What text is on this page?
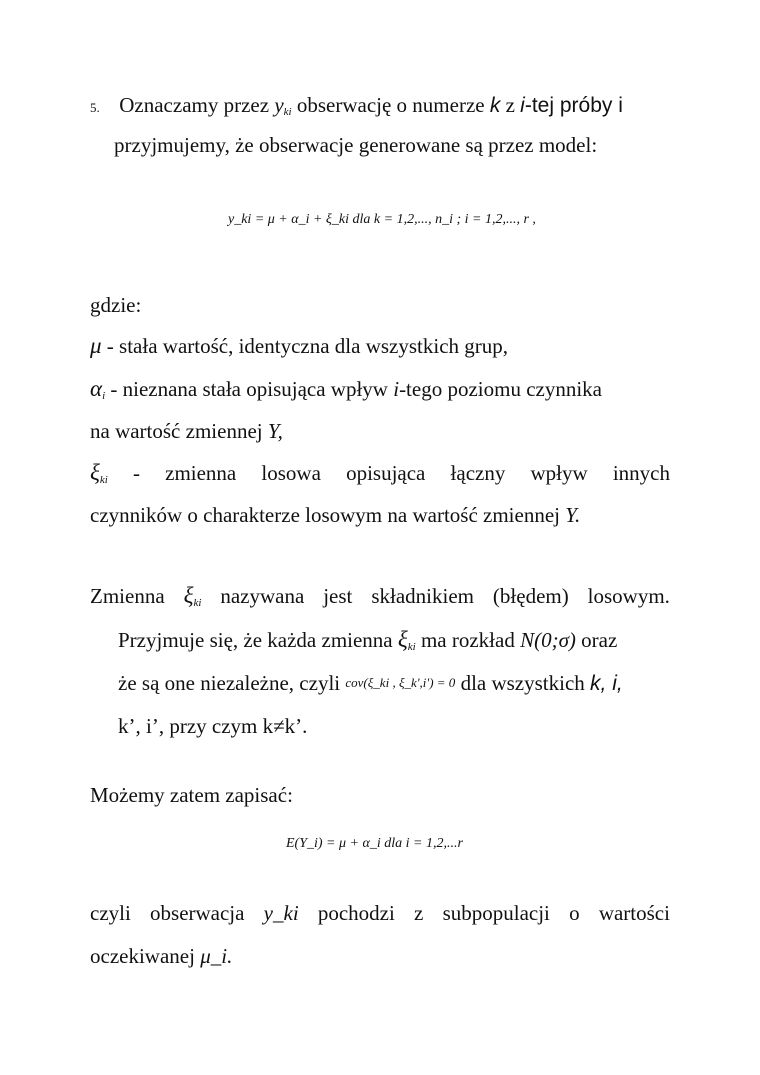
5. Oznaczamy przez $y_{ki}$ obserwację o numerze k z i-tej próby i
przyjmujemy, że obserwacje generowane są przez model:
y_ki = μ + α_i + ξ_ki dla k = 1,2,..., n_i ; i = 1,2,..., r ,
gdzie:
μ - stała wartość, identyczna dla wszystkich grup,
$\alpha_i$ - nieznana stała opisująca wpływ i-tego poziomu czynnika
na wartość zmiennej Y,
$\xi_{ki}$ - zmienna losowa opisująca łączny wpływ innych
czynników o charakterze losowym na wartość zmiennej Y.
Zmienna $\xi_{ki}$ nazywana jest składnikiem (błędem) losowym.
Przyjmuje się, że każda zmienna $\xi_{ki}$ ma rozkład N(0;σ) oraz
że są one niezależne, czyli cov(ξ_ki , ξ_k',i') = 0 dla wszystkich k, i,
k’, i’, przy czym k≠k’.
Możemy zatem zapisać:
E(Y_i) = μ + α_i dla i = 1,2,...r
czyli obserwacja y_ki pochodzi z subpopulacji o wartości
oczekiwanej μ_i.
